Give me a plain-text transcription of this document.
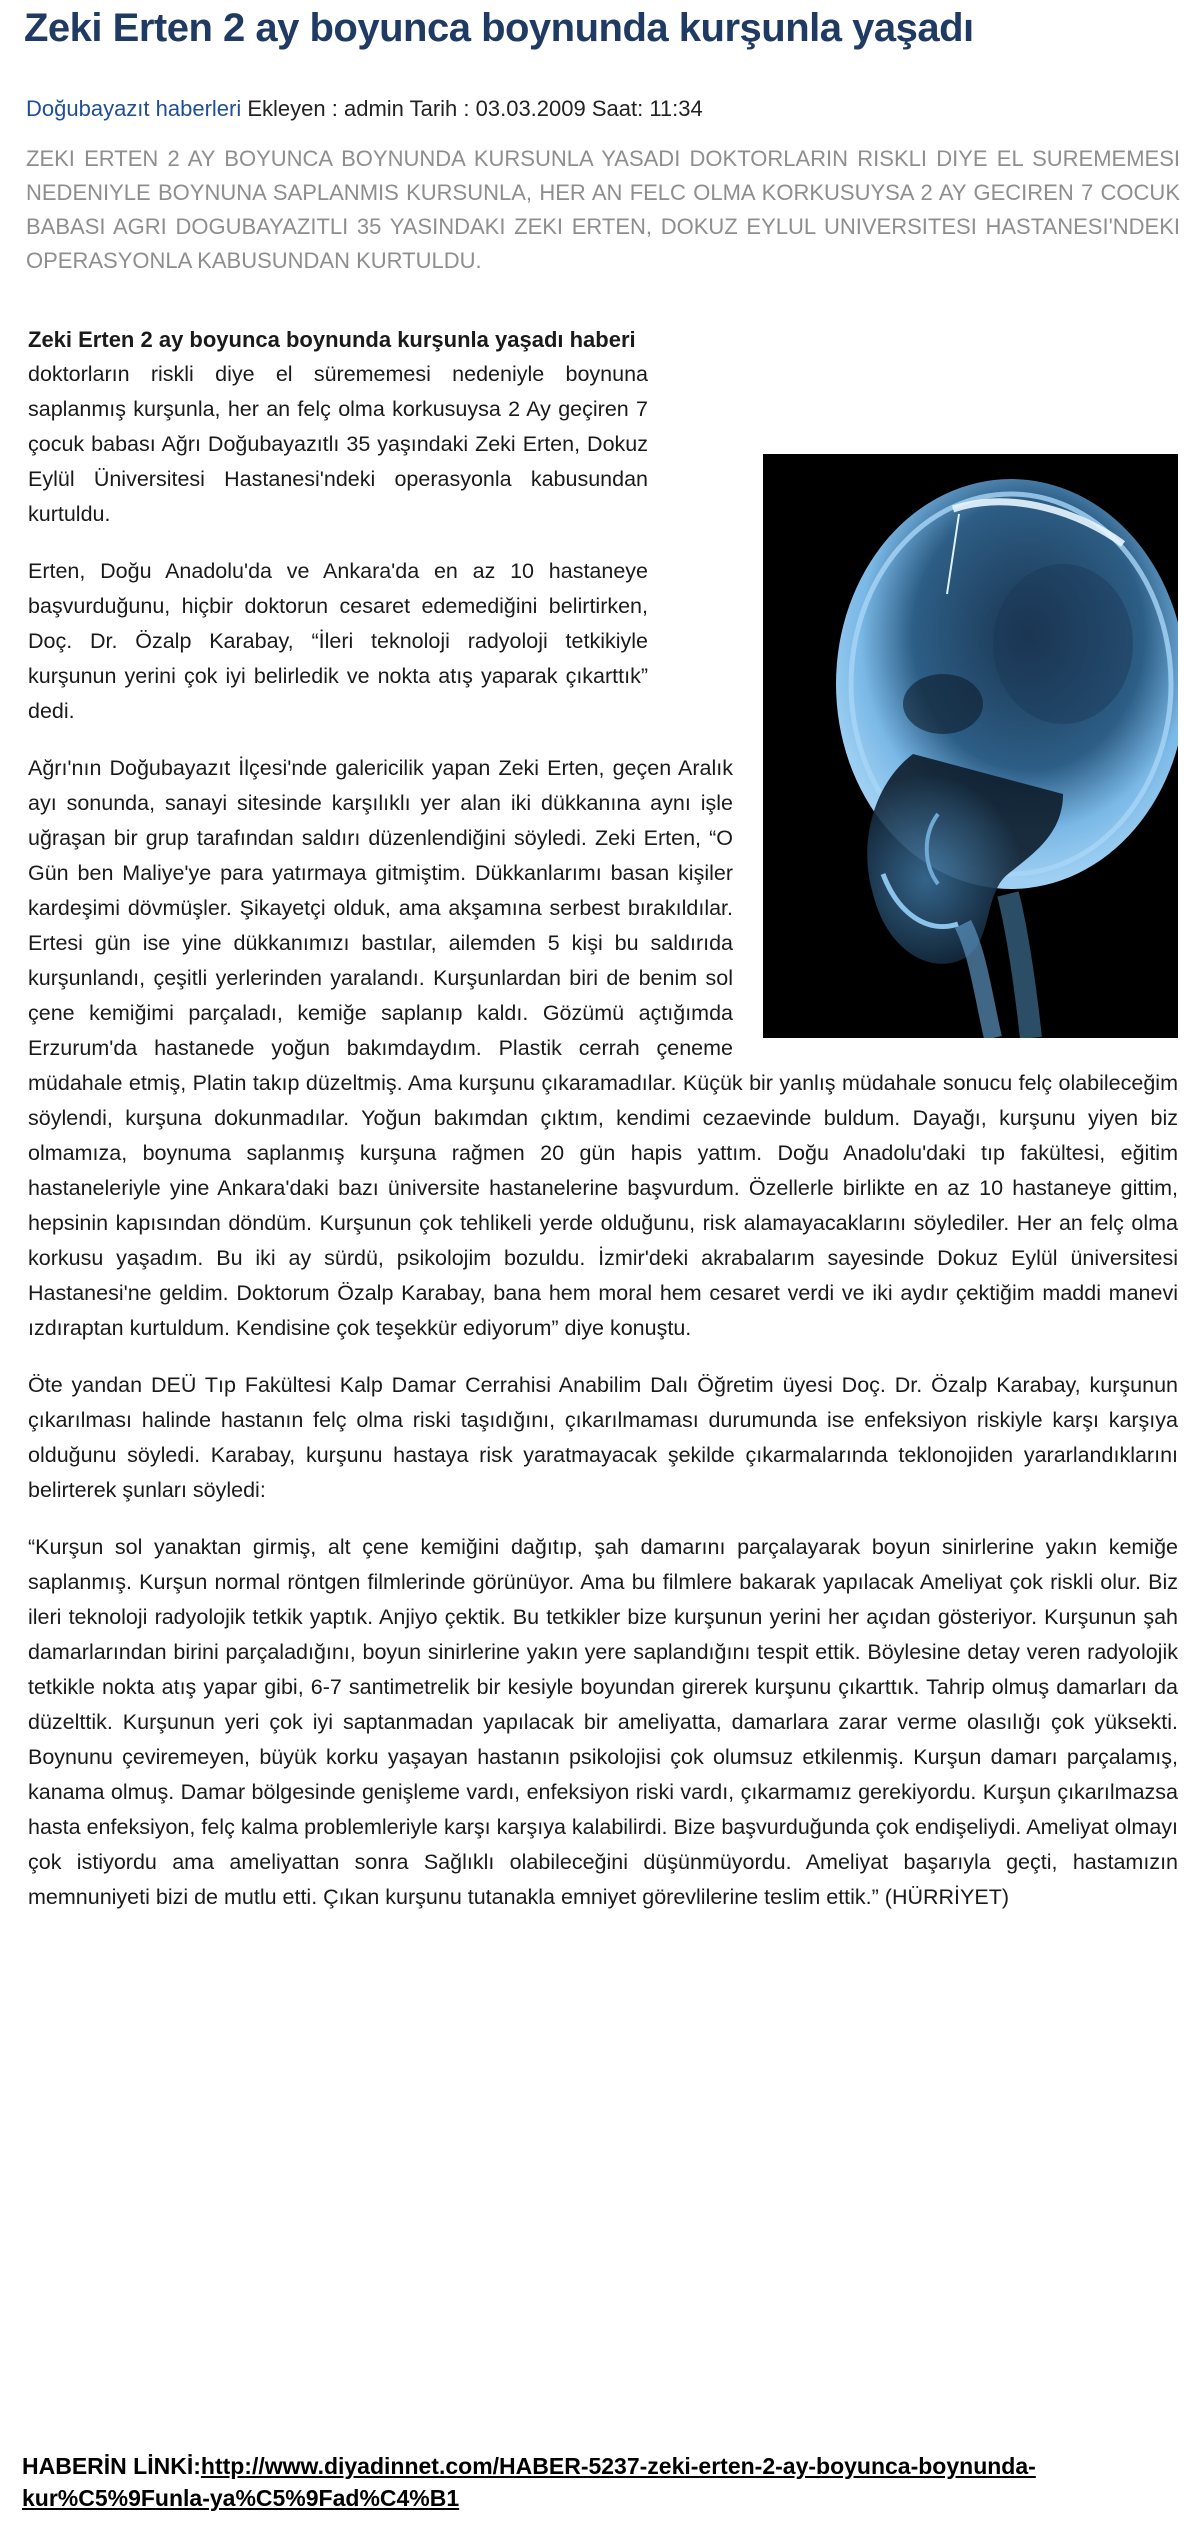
Zeki Erten 2 ay boyunca boynunda kurşunla yaşadı
Doğubayazıt haberleri Ekleyen : admin Tarih : 03.03.2009 Saat: 11:34

ZEKI ERTEN 2 AY BOYUNCA BOYNUNDA KURSUNLA YASADI DOKTORLARIN RISKLI DIYE EL SUREMEMESI NEDENIYLE BOYNUNA SAPLANMIS KURSUNLA, HER AN FELC OLMA KORKUSUYSA 2 AY GECIREN 7 COCUK BABASI AGRI DOGUBAYAZITLI 35 YASINDAKI ZEKI ERTEN, DOKUZ EYLUL UNIVERSITESI HASTANESI'NDEKI OPERASYONLA KABUSUNDAN KURTULDU.

Zeki Erten 2 ay boyunca boynunda kurşunla yaşadı haberi
doktorların riskli diye el sürememesi nedeniyle boynuna saplanmış kurşunla, her an felç olma korkusuysa 2 Ay geçiren 7 çocuk babası Ağrı Doğubayazıtlı 35 yaşındaki Zeki Erten, Dokuz Eylül Üniversitesi Hastanesi'ndeki operasyonla kabusundan kurtuldu.

Erten, Doğu Anadolu'da ve Ankara'da en az 10 hastaneye başvurduğunu, hiçbir doktorun cesaret edemediğini belirtirken, Doç. Dr. Özalp Karabay, “İleri teknoloji radyoloji tetkikiyle kurşunun yerini çok iyi belirledik ve nokta atış yaparak çıkarttık” dedi.

Ağrı'nın Doğubayazıt İlçesi'nde galericilik yapan Zeki Erten, geçen Aralık ayı sonunda, sanayi sitesinde karşılıklı yer alan iki dükkanına aynı işle uğraşan bir grup tarafından saldırı düzenlendiğini söyledi. Zeki Erten, “O Gün ben Maliye'ye para yatırmaya gitmiştim. Dükkanlarımı basan kişiler kardeşimi dövmüşler. Şikayetçi olduk, ama akşamına serbest bırakıldılar. Ertesi gün ise yine dükkanımızı bastılar, ailemden 5 kişi bu saldırıda kurşunlandı, çeşitli yerlerinden yaralandı. Kurşunlardan biri de benim sol çene kemiğimi parçaladı, kemiğe saplanıp kaldı. Gözümü açtığımda Erzurum'da hastanede yoğun bakımdaydım. Plastik cerrah çeneme müdahale etmiş, Platin takıp düzeltmiş. Ama kurşunu çıkaramadılar. Küçük bir yanlış müdahale sonucu felç olabileceğim söylendi, kurşuna dokunmadılar. Yoğun bakımdan çıktım, kendimi cezaevinde buldum. Dayağı, kurşunu yiyen biz olmamıza, boynuma saplanmış kurşuna rağmen 20 gün hapis yattım. Doğu Anadolu'daki tıp fakültesi, eğitim hastaneleriyle yine Ankara'daki bazı üniversite hastanelerine başvurdum. Özellerle birlikte en az 10 hastaneye gittim, hepsinin kapısından döndüm. Kurşunun çok tehlikeli yerde olduğunu, risk alamayacaklarını söylediler. Her an felç olma korkusu yaşadım. Bu iki ay sürdü, psikolojim bozuldu. İzmir'deki akrabalarım sayesinde Dokuz Eylül üniversitesi Hastanesi'ne geldim. Doktorum Özalp Karabay, bana hem moral hem cesaret verdi ve iki aydır çektiğim maddi manevi ızdıraptan kurtuldum. Kendisine çok teşekkür ediyorum” diye konuştu.

Öte yandan DEÜ Tıp Fakültesi Kalp Damar Cerrahisi Anabilim Dalı Öğretim üyesi Doç. Dr. Özalp Karabay, kurşunun çıkarılması halinde hastanın felç olma riski taşıdığını, çıkarılmaması durumunda ise enfeksiyon riskiyle karşı karşıya olduğunu söyledi. Karabay, kurşunu hastaya risk yaratmayacak şekilde çıkarmalarında teklonojiden yararlandıklarını belirterek şunları söyledi:

“Kurşun sol yanaktan girmiş, alt çene kemiğini dağıtıp, şah damarını parçalayarak boyun sinirlerine yakın kemiğe saplanmış. Kurşun normal röntgen filmlerinde görünüyor. Ama bu filmlere bakarak yapılacak Ameliyat çok riskli olur. Biz ileri teknoloji radyolojik tetkik yaptık. Anjiyo çektik. Bu tetkikler bize kurşunun yerini her açıdan gösteriyor. Kurşunun şah damarlarından birini parçaladığını, boyun sinirlerine yakın yere saplandığını tespit ettik. Böylesine detay veren radyolojik tetkikle nokta atış yapar gibi, 6-7 santimetrelik bir kesiyle boyundan girerek kurşunu çıkarttık. Tahrip olmuş damarları da düzelttik. Kurşunun yeri çok iyi saptanmadan yapılacak bir ameliyatta, damarlara zarar verme olasılığı çok yüksekti. Boynunu çeviremeyen, büyük korku yaşayan hastanın psikolojisi çok olumsuz etkilenmiş. Kurşun damarı parçalamış, kanama olmuş. Damar bölgesinde genişleme vardı, enfeksiyon riski vardı, çıkarmamız gerekiyordu. Kurşun çıkarılmazsa hasta enfeksiyon, felç kalma problemleriyle karşı karşıya kalabilirdi. Bize başvurduğunda çok endişeliydi. Ameliyat olmayı çok istiyordu ama ameliyattan sonra Sağlıklı olabileceğini düşünmüyordu. Ameliyat başarıyla geçti, hastamızın memnuniyeti bizi de mutlu etti. Çıkan kurşunu tutanakla emniyet görevlilerine teslim ettik.” (HÜRRİYET)

HABERİN LİNKİ:http://www.diyadinnet.com/HABER-5237-zeki-erten-2-ay-boyunca-boynunda-kur%C5%9Funla-ya%C5%9Fad%C4%B1
